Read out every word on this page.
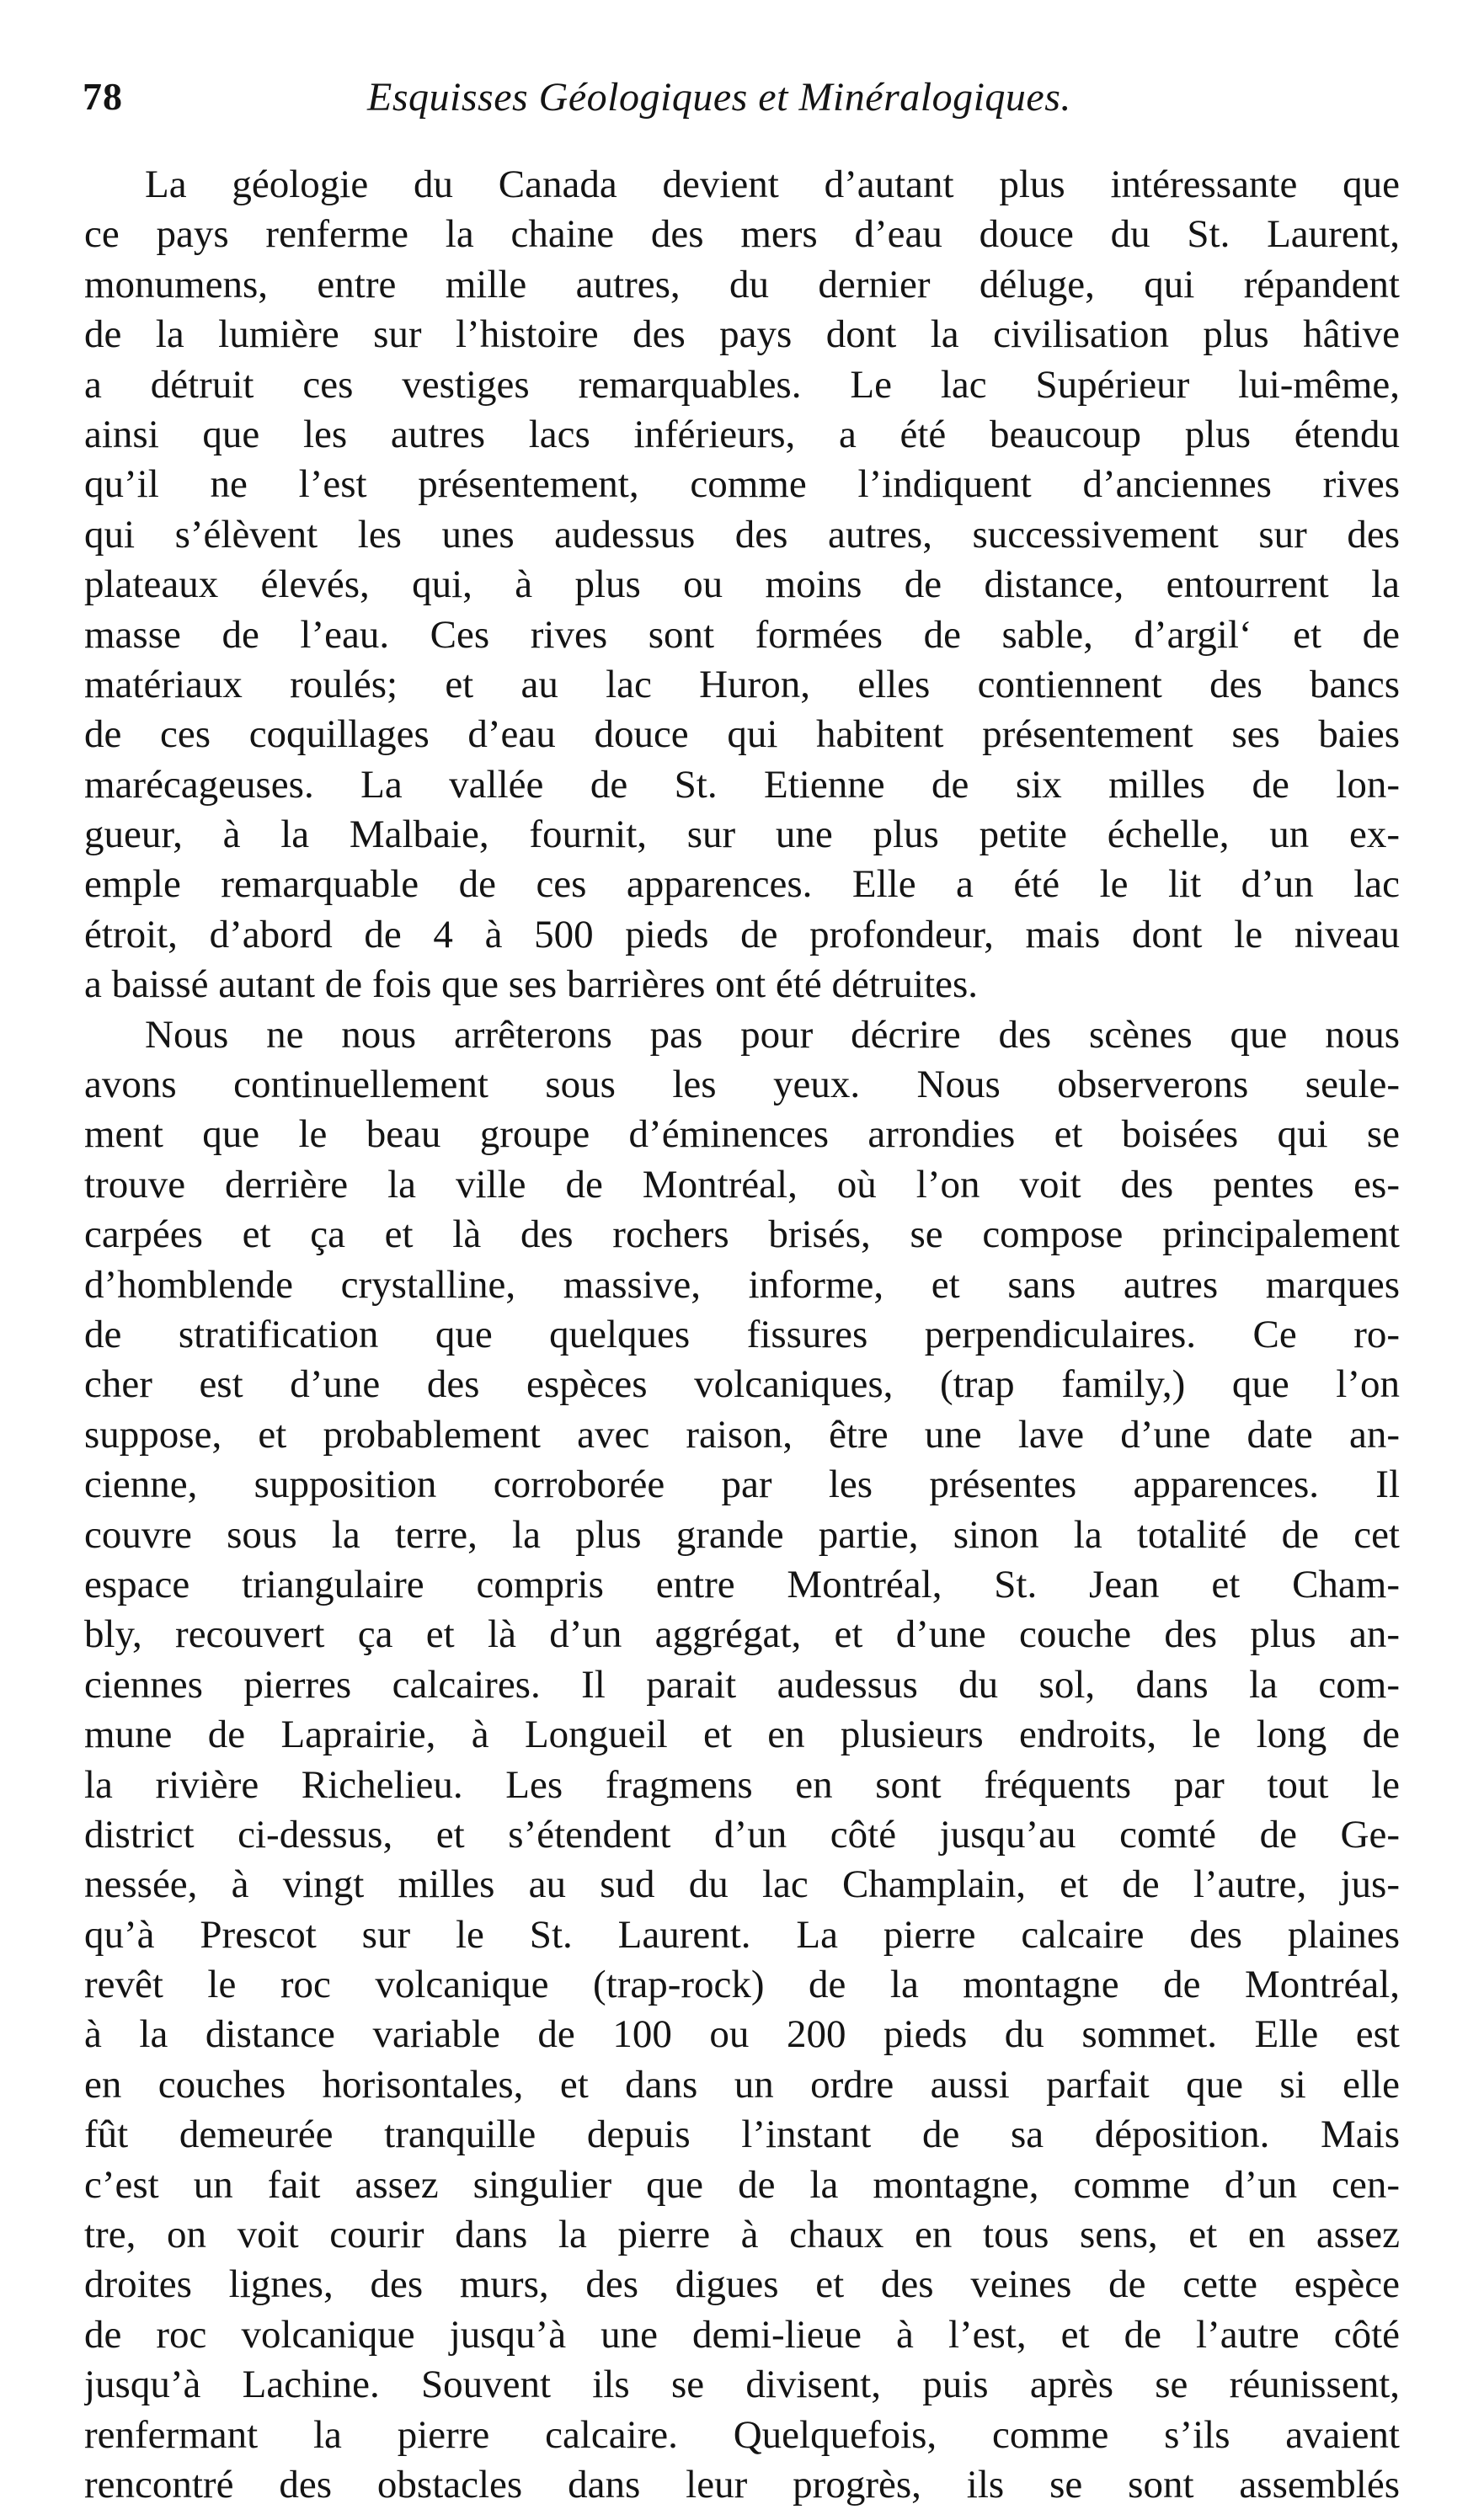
78	Esquisses Géologiques et Minéralogiques.
La géologie du Canada devient d’autant plus intéressante que
ce pays renferme la chaine des mers d’eau douce du St. Laurent,
monumens, entre mille autres, du dernier déluge, qui répandent
de la lumière sur l’histoire des pays dont la civilisation plus hâtive
a détruit ces vestiges remarquables. Le lac Supérieur lui-même,
ainsi que les autres lacs inférieurs, a été beaucoup plus étendu
qu’il ne l’est présentement, comme l’indiquent d’anciennes rives
qui s’élèvent les unes audessus des autres, successivement sur des
plateaux élevés, qui, à plus ou moins de distance, entourrent la
masse de l’eau. Ces rives sont formées de sable, d’argil‘ et de
matériaux roulés; et au lac Huron, elles contiennent des bancs
de ces coquillages d’eau douce qui habitent présentement ses baies
marécageuses. La vallée de St. Etienne de six milles de lon-
gueur, à la Malbaie, fournit, sur une plus petite échelle, un ex-
emple remarquable de ces apparences. Elle a été le lit d’un lac
étroit, d’abord de 4 à 500 pieds de profondeur, mais dont le niveau
a baissé autant de fois que ses barrières ont été détruites.
Nous ne nous arrêterons pas pour décrire des scènes que nous
avons continuellement sous les yeux. Nous observerons seule-
ment que le beau groupe d’éminences arrondies et boisées qui se
trouve derrière la ville de Montréal, où l’on voit des pentes es-
carpées et ça et là des rochers brisés, se compose principalement
d’homblende crystalline, massive, informe, et sans autres marques
de stratification que quelques fissures perpendiculaires. Ce ro-
cher est d’une des espèces volcaniques, (trap family,) que l’on
suppose, et probablement avec raison, être une lave d’une date an-
cienne, supposition corroborée par les présentes apparences. Il
couvre sous la terre, la plus grande partie, sinon la totalité de cet
espace triangulaire compris entre Montréal, St. Jean et Cham-
bly, recouvert ça et là d’un aggrégat, et d’une couche des plus an-
ciennes pierres calcaires. Il parait audessus du sol, dans la com-
mune de Laprairie, à Longueil et en plusieurs endroits, le long de
la rivière Richelieu. Les fragmens en sont fréquents par tout le
district ci-dessus, et s’étendent d’un côté jusqu’au comté de Ge-
nessée, à vingt milles au sud du lac Champlain, et de l’autre, jus-
qu’à Prescot sur le St. Laurent. La pierre calcaire des plaines
revêt le roc volcanique (trap-rock) de la montagne de Montréal,
à la distance variable de 100 ou 200 pieds du sommet. Elle est
en couches horisontales, et dans un ordre aussi parfait que si elle
fût demeurée tranquille depuis l’instant de sa déposition. Mais
c’est un fait assez singulier que de la montagne, comme d’un cen-
tre, on voit courir dans la pierre à chaux en tous sens, et en assez
droites lignes, des murs, des digues et des veines de cette espèce
de roc volcanique jusqu’à une demi-lieue à l’est, et de l’autre côté
jusqu’à Lachine. Souvent ils se divisent, puis après se réunissent,
renfermant la pierre calcaire. Quelquefois, comme s’ils avaient
rencontré des obstacles dans leur progrès, ils se sont assemblés
